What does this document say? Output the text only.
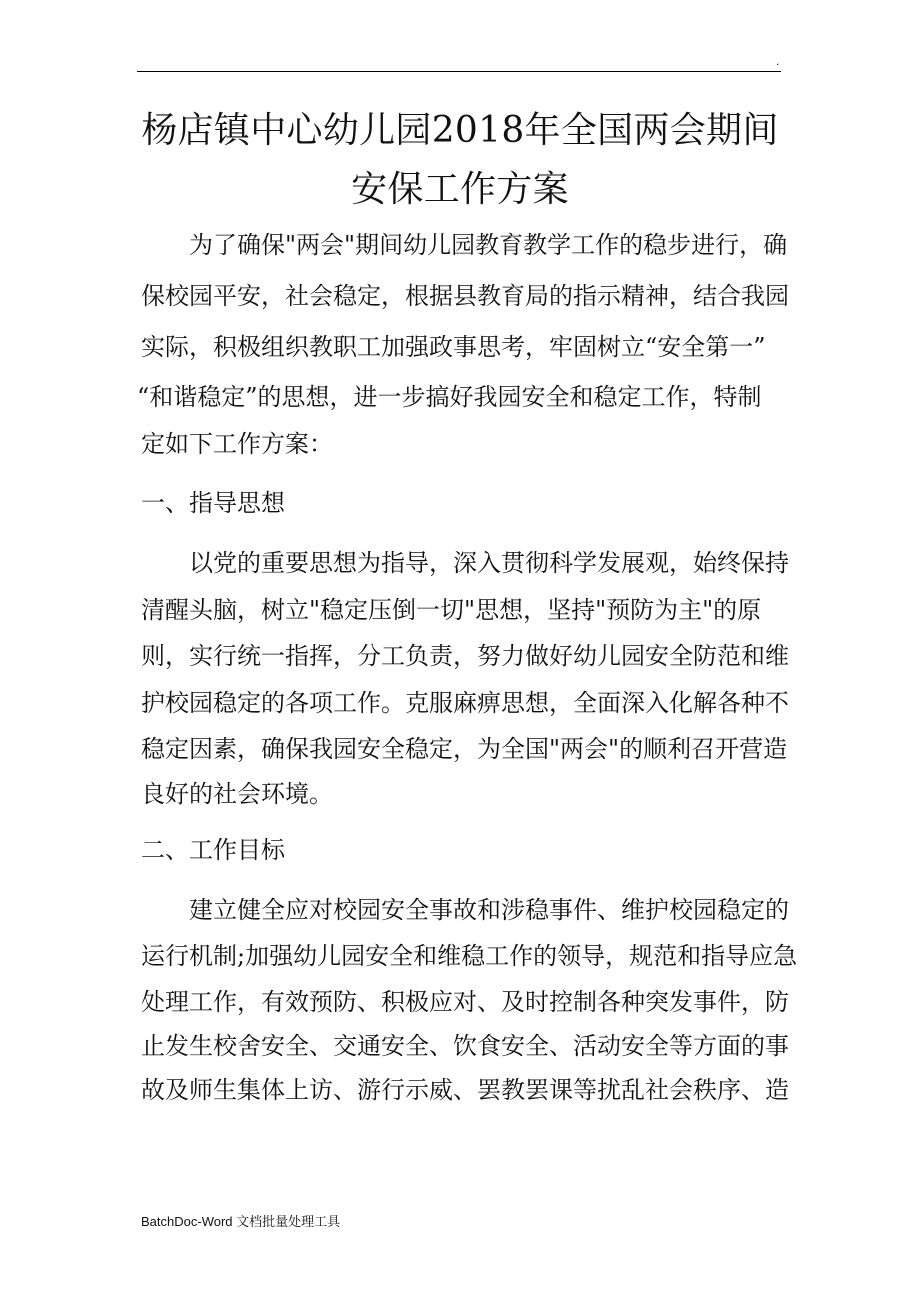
.
杨店镇中心幼儿园2018年全国两会期间
安保工作方案
为了确保"两会"期间幼儿园教育教学工作的稳步进行，确
保校园平安，社会稳定，根据县教育局的指示精神，结合我园
实际，积极组织教职工加强政事思考，牢固树立“安全第一”
“和谐稳定”的思想，进一步搞好我园安全和稳定工作，特制
定如下工作方案：
一、指导思想
以党的重要思想为指导，深入贯彻科学发展观，始终保持
清醒头脑，树立"稳定压倒一切"思想，坚持"预防为主"的原
则，实行统一指挥，分工负责，努力做好幼儿园安全防范和维
护校园稳定的各项工作。克服麻痹思想，全面深入化解各种不
稳定因素，确保我园安全稳定，为全国"两会"的顺利召开营造
良好的社会环境。
二、工作目标
建立健全应对校园安全事故和涉稳事件、维护校园稳定的
运行机制;加强幼儿园安全和维稳工作的领导，规范和指导应急
处理工作，有效预防、积极应对、及时控制各种突发事件，防
止发生校舍安全、交通安全、饮食安全、活动安全等方面的事
故及师生集体上访、游行示威、罢教罢课等扰乱社会秩序、造
BatchDoc-Word 文档批量处理工具
